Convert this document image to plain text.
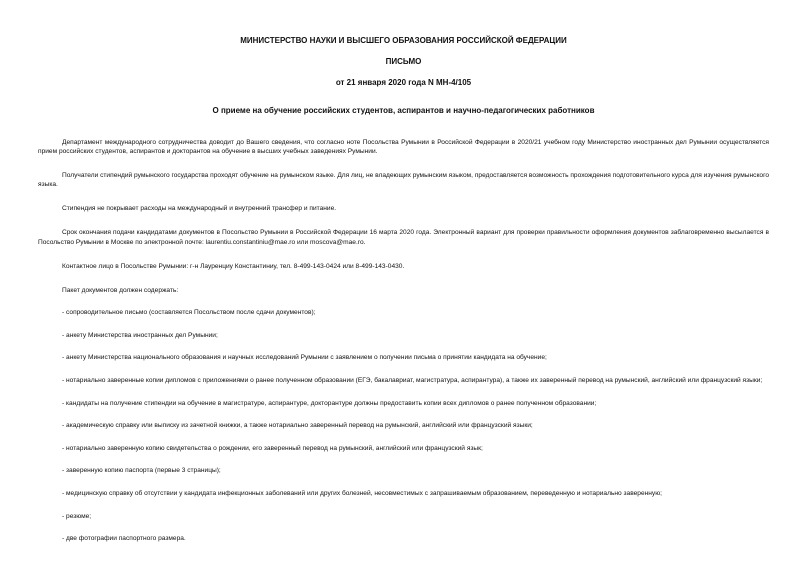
МИНИСТЕРСТВО НАУКИ И ВЫСШЕГО ОБРАЗОВАНИЯ РОССИЙСКОЙ ФЕДЕРАЦИИ

ПИСЬМО

от 21 января 2020 года N МН-4/105

О приеме на обучение российских студентов, аспирантов и научно-педагогических работников

Департамент международного сотрудничества доводит до Вашего сведения, что согласно ноте Посольства Румынии в Российской Федерации в 2020/21 учебном году Министерство иностранных дел Румынии осуществляется прием российских студентов, аспирантов и докторантов на обучение в высших учебных заведениях Румынии.

Получатели стипендий румынского государства проходят обучение на румынском языке. Для лиц, не владеющих румынским языком, предоставляется возможность прохождения подготовительного курса для изучения румынского языка.

Стипендия не покрывает расходы на международный и внутренний трансфер и питание.

Срок окончания подачи кандидатами документов в Посольство Румынии в Российской Федерации 16 марта 2020 года. Электронный вариант для проверки правильности оформления документов заблаговременно высылается в Посольство Румынии в Москве по электронной почте: laurentiu.constantiniu@mae.ro или moscova@mae.ro.

Контактное лицо в Посольстве Румынии: г-н Лауренциу Константиниу, тел. 8-499-143-0424 или 8-499-143-0430.

Пакет документов должен содержать:

- сопроводительное письмо (составляется Посольством после сдачи документов);

- анкету Министерства иностранных дел Румынии;

- анкету Министерства национального образования и научных исследований Румынии с заявлением о получении письма о принятии кандидата на обучение;

- нотариально заверенные копии дипломов с приложениями о ранее полученном образовании (ЕГЭ, бакалавриат, магистратура, аспирантура), а также их заверенный перевод на румынский, английский или французский языки;

- кандидаты на получение стипендии на обучение в магистратуре, аспирантуре, докторантуре должны предоставить копии всех дипломов о ранее полученном образовании;

- академическую справку или выписку из зачетной книжки, а также нотариально заверенный перевод на румынский, английский или французский языки;

- нотариально заверенную копию свидетельства о рождении, его заверенный перевод на румынский, английский или французский язык;

- заверенную копию паспорта (первые 3 страницы);

- медицинскую справку об отсутствии у кандидата инфекционных заболеваний или других болезней, несовместимых с запрашиваемым образованием, переведенную и нотариально заверенную;

- резюме;

- две фотографии паспортного размера.
